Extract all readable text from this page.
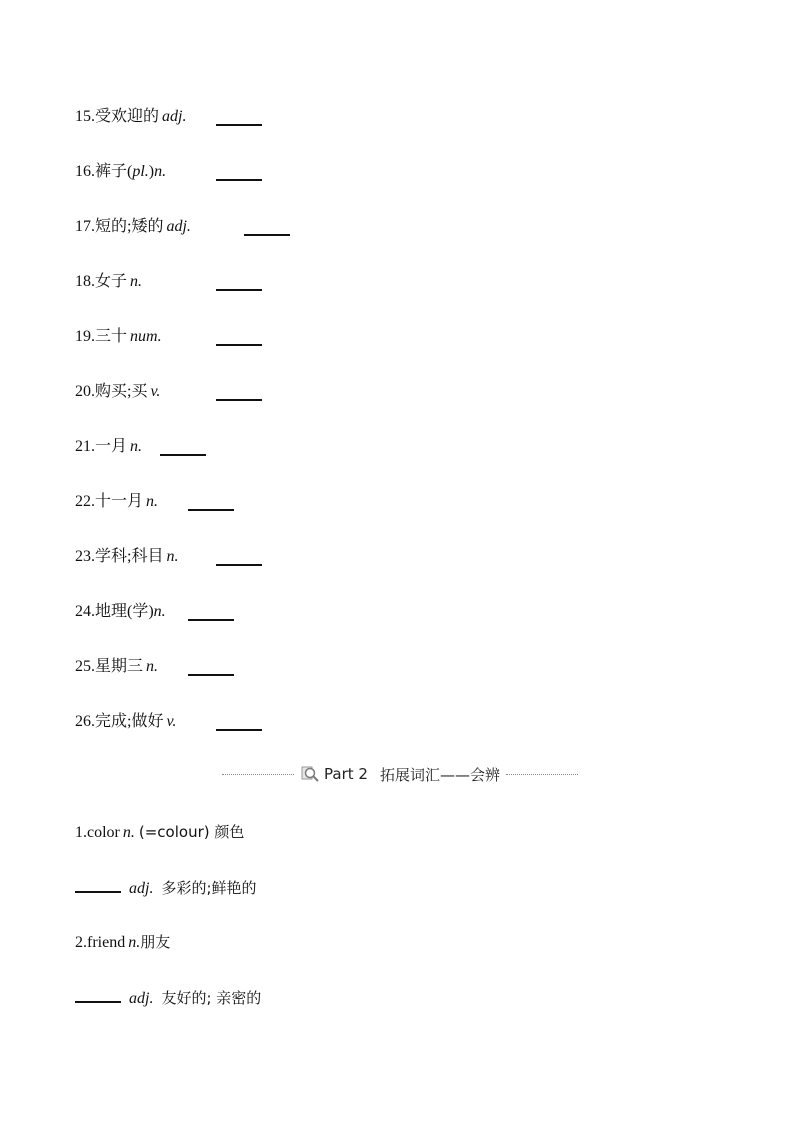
15.受欢迎的 adj.
16.裤子(pl.)n.
17.短的;矮的 adj.
18.女子 n.
19.三十 num.
20.购买;买 v.
21.一月 n.
22.十一月 n.
23.学科;科目 n.
24.地理(学)n.
25.星期三 n.
26.完成;做好 v.
Part 2 拓展词汇——会辨
1.color n. (=colour) 颜色
adj. 多彩的;鲜艳的
2.friend n.朋友
adj. 友好的; 亲密的
